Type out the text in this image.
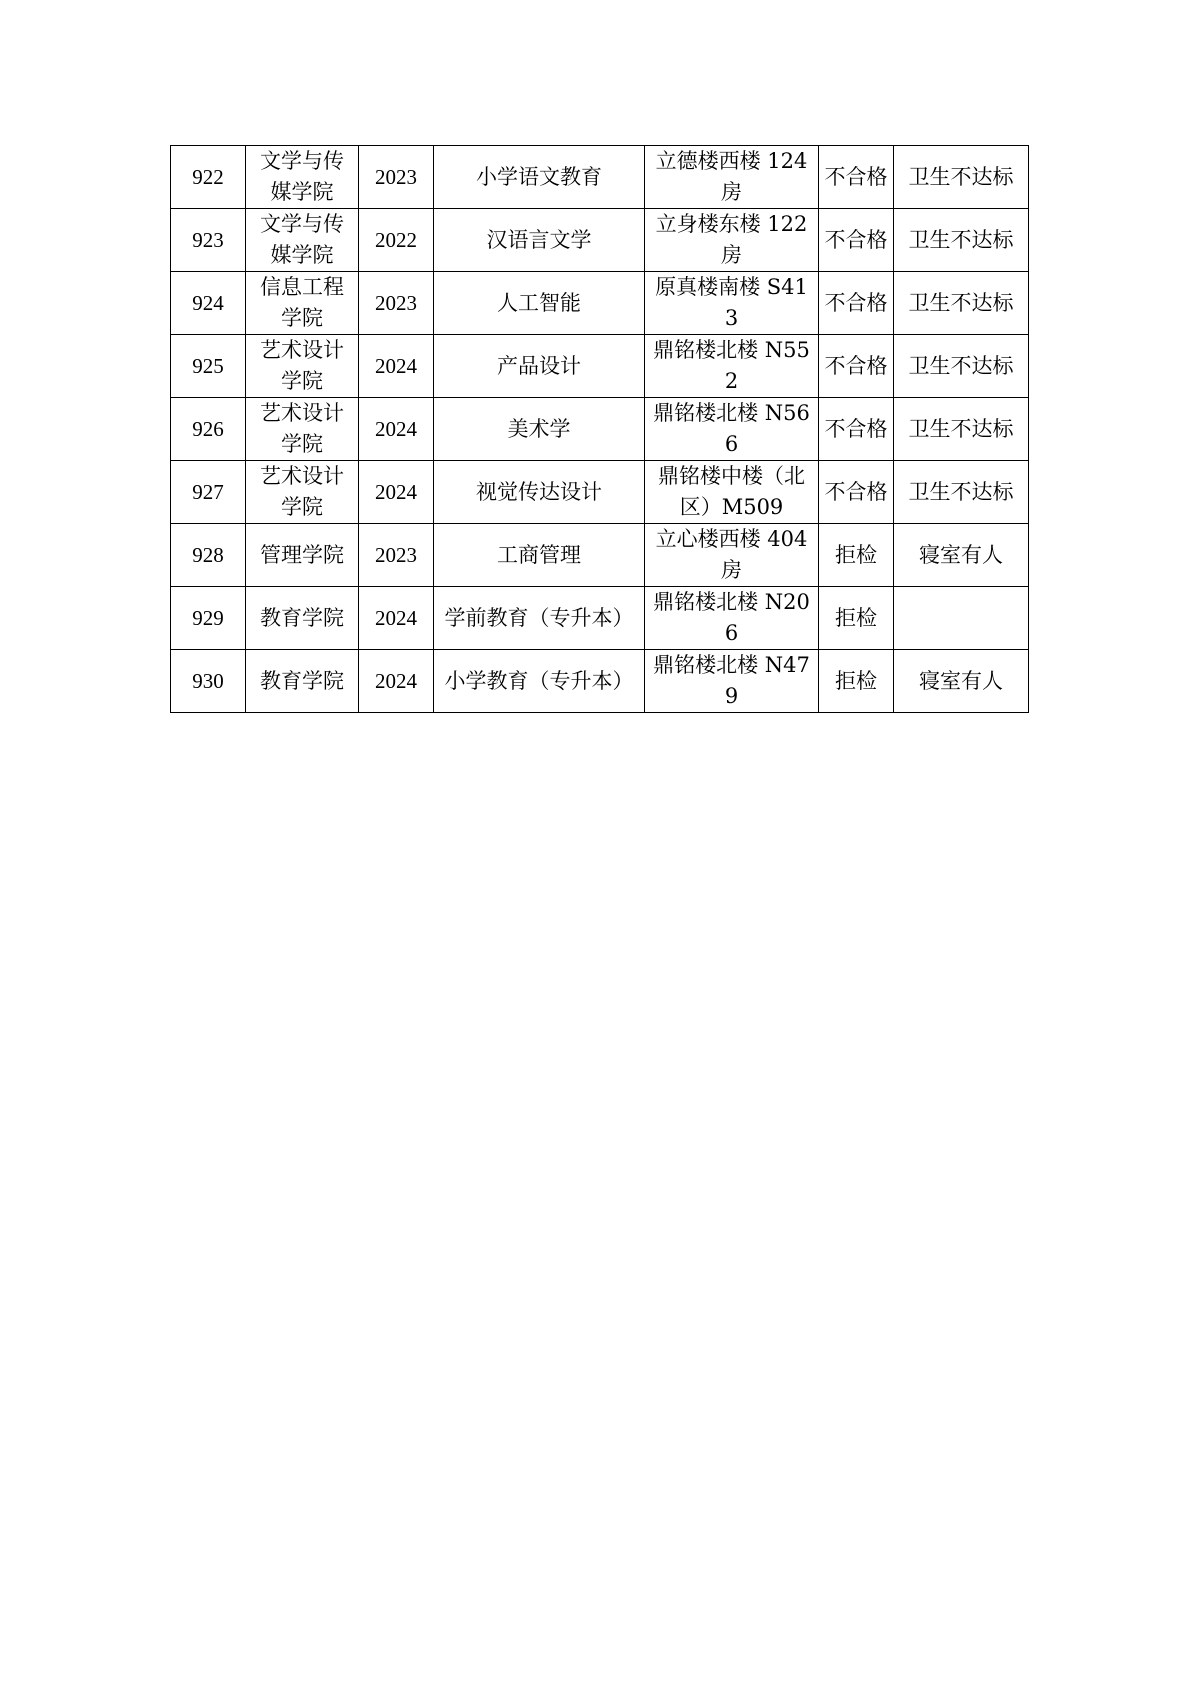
922	文学与传媒学院	2023	小学语文教育	立德楼西楼 124 房	不合格	卫生不达标
923	文学与传媒学院	2022	汉语言文学	立身楼东楼 122 房	不合格	卫生不达标
924	信息工程学院	2023	人工智能	原真楼南楼 S413	不合格	卫生不达标
925	艺术设计学院	2024	产品设计	鼎铭楼北楼 N552	不合格	卫生不达标
926	艺术设计学院	2024	美术学	鼎铭楼北楼 N566	不合格	卫生不达标
927	艺术设计学院	2024	视觉传达设计	鼎铭楼中楼（北区）M509	不合格	卫生不达标
928	管理学院	2023	工商管理	立心楼西楼 404 房	拒检	寝室有人
929	教育学院	2024	学前教育（专升本）	鼎铭楼北楼 N206	拒检	
930	教育学院	2024	小学教育（专升本）	鼎铭楼北楼 N479	拒检	寝室有人
